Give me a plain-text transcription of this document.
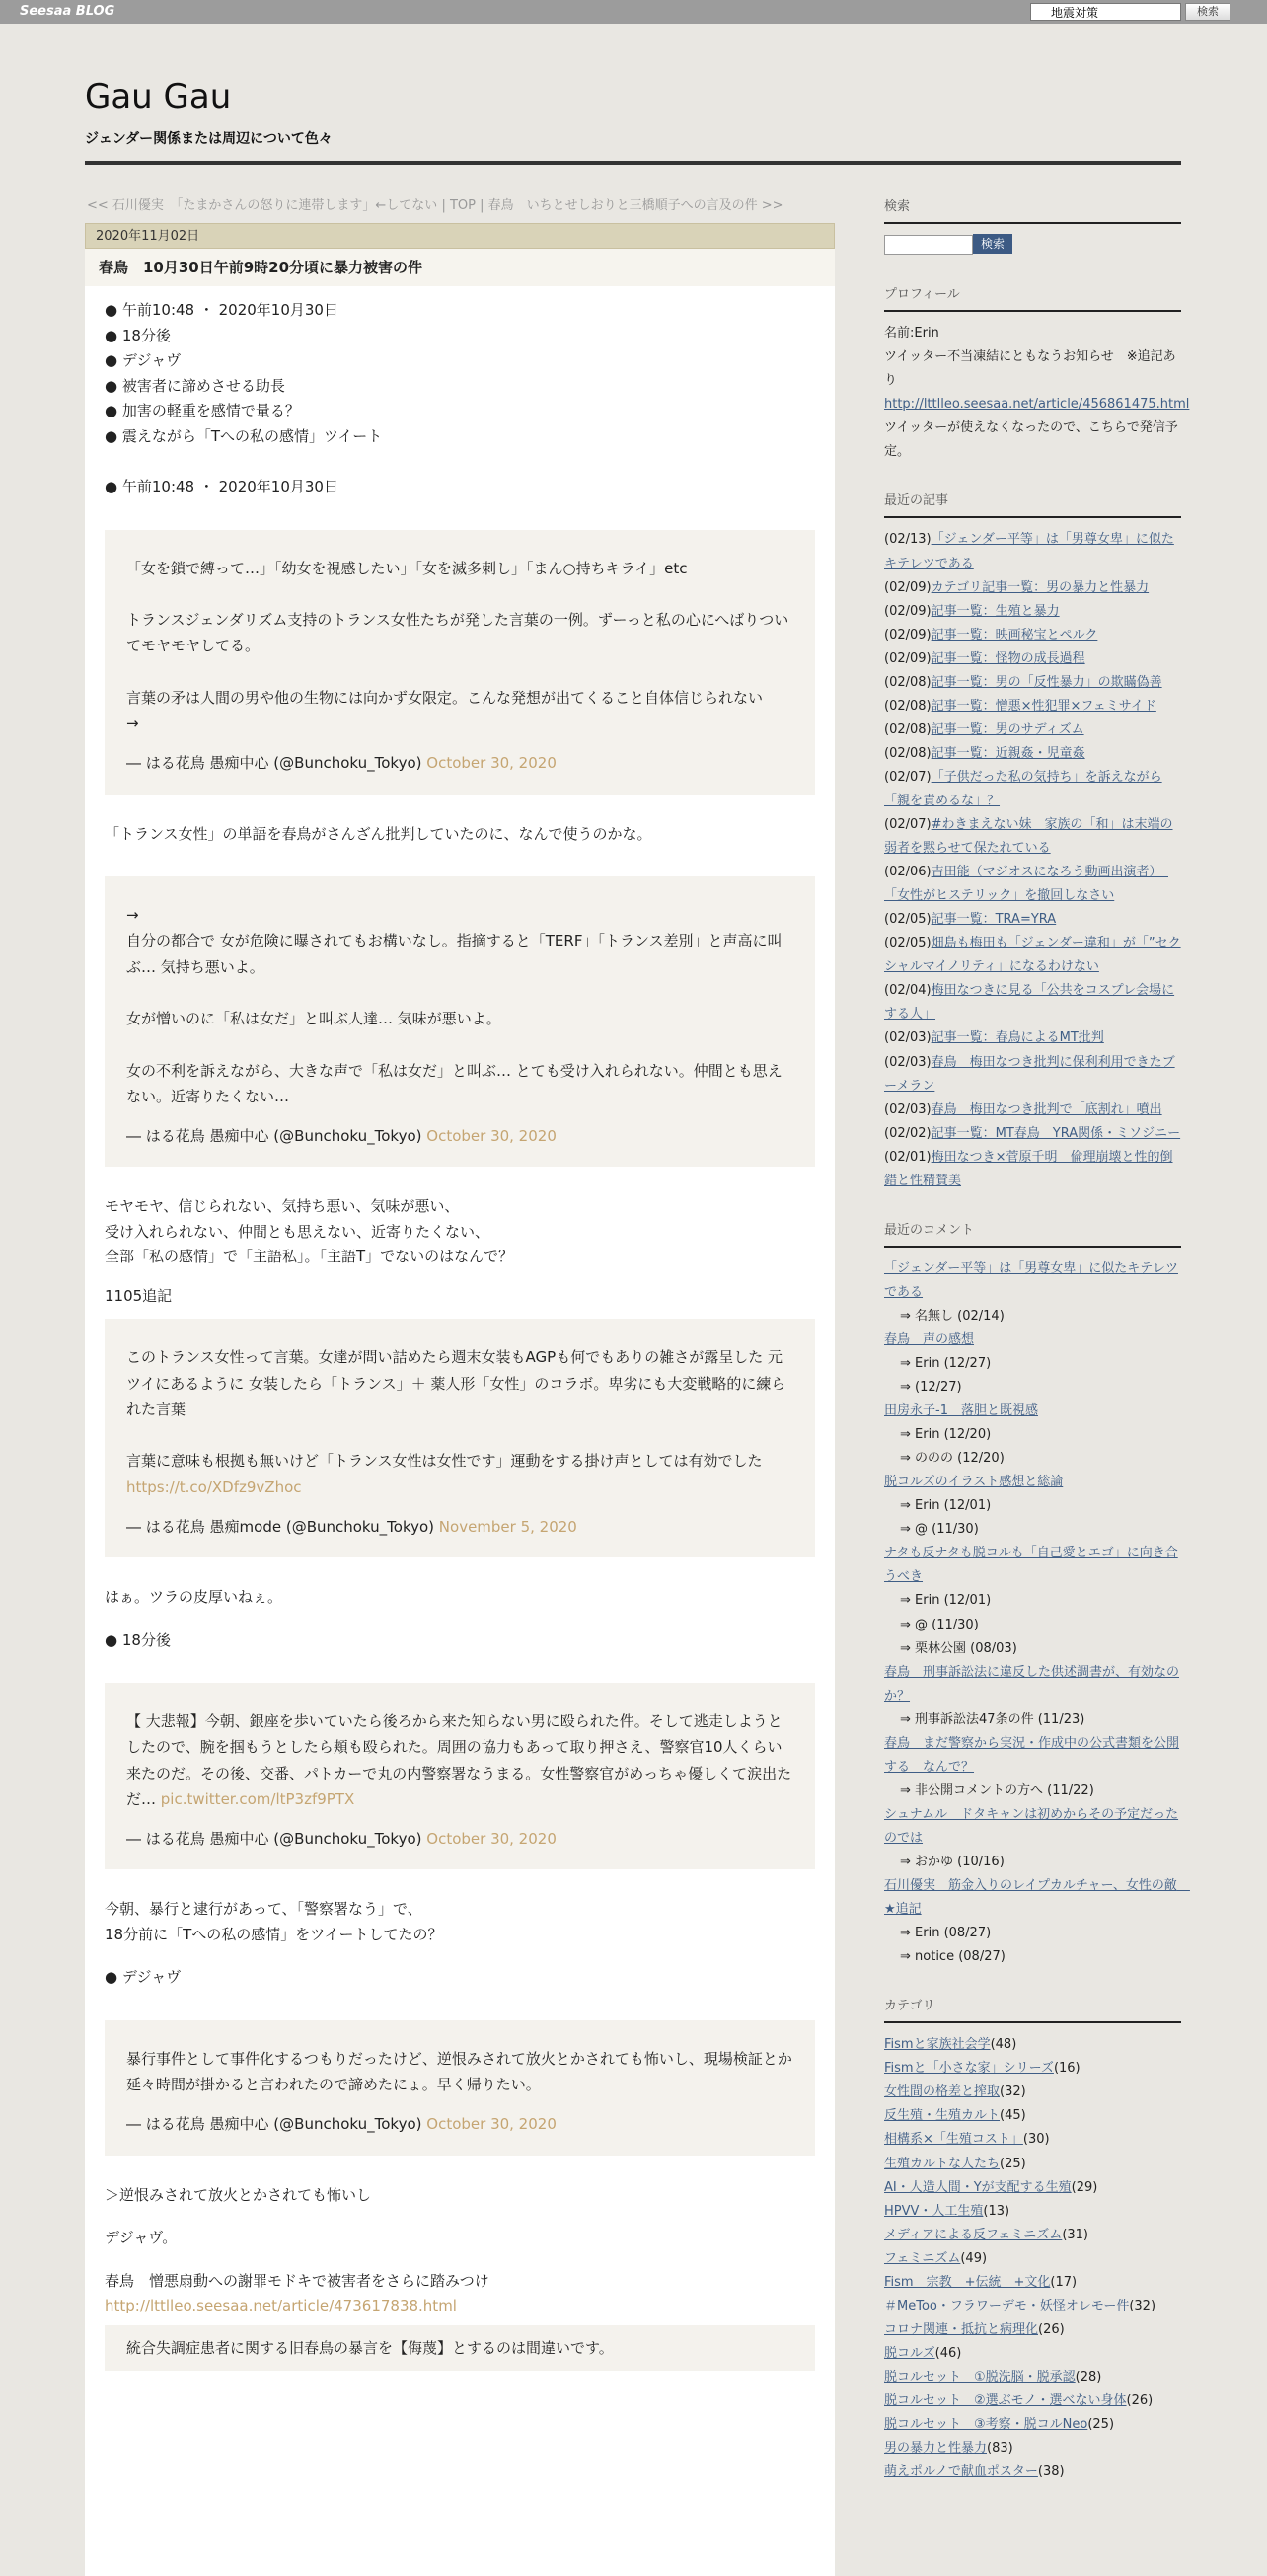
Seesaa BLOG
地震対策	検索
Gau Gau
ジェンダー関係または周辺について色々
<< 石川優実　「たまかさんの怒りに連帯します」←してない | TOP | 春鳥　いちとせしおりと三橋順子への言及の件 >>
2020年11月02日
春鳥　10月30日午前9時20分頃に暴力被害の件

● 午前10:48 ・ 2020年10月30日
● 18分後
● デジャヴ
● 被害者に諦めさせる助長
● 加害の軽重を感情で量る？
● 震えながら「Tへの私の感情」ツイート

● 午前10:48 ・ 2020年10月30日

「女を鎖で縛って…」「幼女を視感したい」「女を滅多刺し」「まん○持ちキライ」etc

トランスジェンダリズム支持のトランス女性たちが発した言葉の一例。ずーっと私の心にへばりついてモヤモヤしてる。

言葉の矛は人間の男や他の生物には向かず女限定。こんな発想が出てくること自体信じられない
→
― はる花鳥 愚痴中心 (@Bunchoku_Tokyo) October 30, 2020

「トランス女性」の単語を春鳥がさんざん批判していたのに、なんで使うのかな。

→
自分の都合で 女が危険に曝されてもお構いなし。指摘すると「TERF」「トランス差別」と声高に叫ぶ… 気持ち悪いよ。

女が憎いのに「私は女だ」と叫ぶ人達… 気味が悪いよ。

女の不利を訴えながら、大きな声で「私は女だ」と叫ぶ… とても受け入れられない。仲間とも思えない。近寄りたくない…
― はる花鳥 愚痴中心 (@Bunchoku_Tokyo) October 30, 2020

モヤモヤ、信じられない、気持ち悪い、気味が悪い、
受け入れられない、仲間とも思えない、近寄りたくない、
全部「私の感情」で「主語私」。「主語T」でないのはなんで？

1105追記

このトランス女性って言葉。女達が問い詰めたら週末女装もAGPも何でもありの雑さが露呈した 元ツイにあるように 女装したら「トランス」＋ 薬人形「女性」のコラボ。卑劣にも大変戦略的に練られた言葉

言葉に意味も根拠も無いけど「トランス女性は女性です」運動をする掛け声としては有効でした https://t.co/XDfz9vZhoc
― はる花鳥 愚痴mode (@Bunchoku_Tokyo) November 5, 2020

はぁ。ツラの皮厚いねぇ。

● 18分後

【 大悲報】今朝、銀座を歩いていたら後ろから来た知らない男に殴られた件。そして逃走しようとしたので、腕を掴もうとしたら頬も殴られた。周囲の協力もあって取り押さえ、警察官10人くらい来たのだ。その後、交番、パトカーで丸の内警察署なうまる。女性警察官がめっちゃ優しくて涙出ただ… pic.twitter.com/ltP3zf9PTX
― はる花鳥 愚痴中心 (@Bunchoku_Tokyo) October 30, 2020

今朝、暴行と逮行があって、「警察署なう」で、
18分前に「Tへの私の感情」をツイートしてたの？

● デジャヴ

暴行事件として事件化するつもりだったけど、逆恨みされて放火とかされても怖いし、現場検証とか延々時間が掛かると言われたので諦めたにょ。早く帰りたい。
― はる花鳥 愚痴中心 (@Bunchoku_Tokyo) October 30, 2020

＞逆恨みされて放火とかされても怖いし

デジャヴ。

春鳥　憎悪扇動への謝罪モドキで被害者をさらに踏みつけ
http://lttlleo.seesaa.net/article/473617838.html

統合失調症患者に関する旧春鳥の暴言を【侮蔑】とするのは間違いです。
検索
検索
プロフィール
名前:Erin
ツイッター不当凍結にともなうお知らせ　※追記あり
http://lttlleo.seesaa.net/article/456861475.html
ツイッターが使えなくなったので、こちらで発信予定。
最近の記事
(02/13)「ジェンダー平等」は「男尊女卑」に似たキテレツである
(02/09)カテゴリ記事一覧：男の暴力と性暴力
(02/09)記事一覧：生殖と暴力
(02/09)記事一覧：映画秘宝とペルク
(02/09)記事一覧：怪物の成長過程
(02/08)記事一覧：男の「反性暴力」の欺瞞偽善
(02/08)記事一覧：憎悪×性犯罪×フェミサイド
(02/08)記事一覧：男のサディズム
(02/08)記事一覧：近親姦・児童姦
(02/07)「子供だった私の気持ち」を訴えながら「親を責めるな」？
(02/07)#わきまえない妹　家族の「和」は末端の弱者を黙らせて保たれている
(02/06)吉田能（マジオスになろう動画出演者）　「女性がヒステリック」を撤回しなさい
(02/05)記事一覧：TRA=YRA
(02/05)畑島も梅田も「ジェンダー違和」が「”セクシャルマイノリティ」になるわけない
(02/04)梅田なつきに見る「公共をコスプレ会場にする人」
(02/03)記事一覧：春鳥によるMT批判
(02/03)春鳥　梅田なつき批判に保利利用できたブーメラン
(02/03)春鳥　梅田なつき批判で「底割れ」噴出
(02/02)記事一覧：MT春鳥　YRA関係・ミソジニー
(02/01)梅田なつき×菅原千明　倫理崩壊と性的倒錯と性精賛美
最近のコメント
「ジェンダー平等」は「男尊女卑」に似たキテレツである
⇒ 名無し (02/14)
春鳥　声の感想
⇒ Erin (12/27)
⇒ (12/27)
田房永子-1　落胆と既視感
⇒ Erin (12/20)
⇒ ののの (12/20)
脱コルズのイラスト感想と総論
⇒ Erin (12/01)
⇒ @ (11/30)
ナタも反ナタも脱コルも「自己愛とエゴ」に向き合うべき
⇒ Erin (12/01)
⇒ @ (11/30)
⇒ 栗林公園 (08/03)
春鳥　刑事訴訟法に違反した供述調書が、有効なのか？
⇒ 刑事訴訟法47条の件 (11/23)
春鳥　まだ警察から実況・作成中の公式書類を公開する　なんで？
⇒ 非公開コメントの方へ (11/22)
シュナムル　ドタキャンは初めからその予定だったのでは
⇒ おかゆ (10/16)
石川優実　筋金入りのレイプカルチャー、女性の敵　★追記
⇒ Erin (08/27)
⇒ notice (08/27)
カテゴリ
Fismと家族社会学(48)
Fismと「小さな家」シリーズ(16)
女性間の格差と搾取(32)
反生殖・生殖カルト(45)
相構系×「生殖コスト」(30)
生殖カルトな人たち(25)
AI・人造人間・Yが支配する生殖(29)
HPVV・人工生殖(13)
メディアによる反フェミニズム(31)
フェミニズム(49)
Fism　宗教　+伝統　+文化(17)
＃MeToo・フラワーデモ・妖怪オレモー件(32)
コロナ関連・抵抗と病理化(26)
脱コルズ(46)
脱コルセット　①脱洗脳・脱承認(28)
脱コルセット　②選ぶモノ・選べない身体(26)
脱コルセット　③考察・脱コルNeo(25)
男の暴力と性暴力(83)
萌えポルノで献血ポスター(38)
